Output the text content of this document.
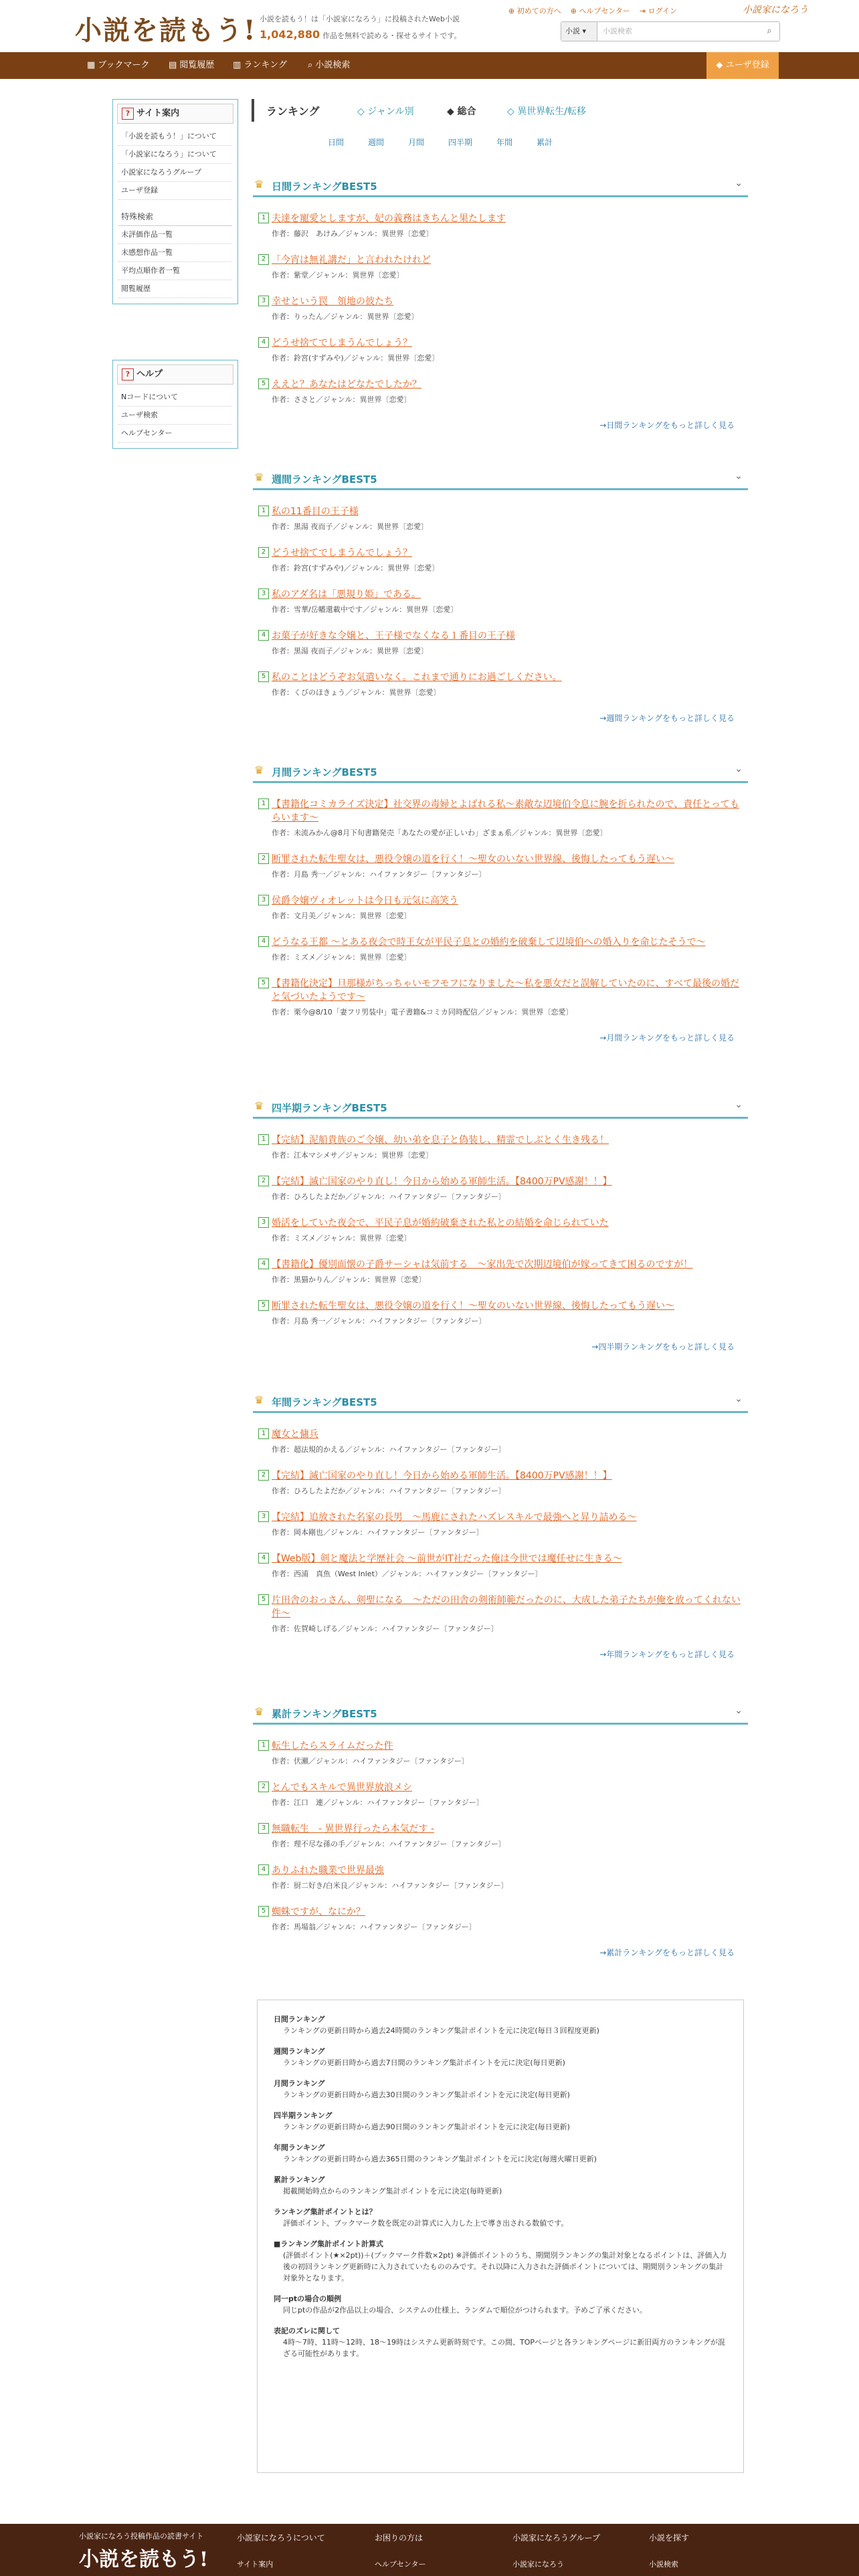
小説を読もう! 小説を読もう！は「小説家になろう」に投稿されたWeb小説
1,042,880 作品を無料で読める・探せるサイトです。
⊕ 初めての方へ ⊕ ヘルプセンター ⇥ ログイン	小説家になろう
小説 ▾	小説検索	⌕
▦ ブックマーク ▤ 閲覧履歴 ▥ ランキング ⌕ 小説検索	◆ ユーザ登録
? サイト案内
「小説を読もう！」について
「小説家になろう」について
小説家になろうグループ
ユーザ登録
特殊検索
未評価作品一覧
未感想作品一覧
平均点順作者一覧
閲覧履歴
? ヘルプ
Nコードについて
ユーザ検索
ヘルプセンター
ランキング	◇ ジャンル別	◆ 総合	◇ 異世界転生/転移
日間	週間	月間	四半期	年間	累計
♛ 日間ランキングBEST5	⌄
1 夫達を寵愛としますが、妃の義務はきちんと果たします
作者：藤沢　あけみ／ジャンル：異世界〔恋愛〕
2 「今宵は無礼講だ」と言われたけれど
作者：紫堂／ジャンル：異世界〔恋愛〕
3 幸せという罠　領地の彼たち
作者：りったん／ジャンル：異世界〔恋愛〕
4 どうせ捨てでしまうんでしょう？
作者：鈴宮(すずみや)／ジャンル：異世界〔恋愛〕
5 ええと？あなたはどなたでしたか？
作者：ささと／ジャンル：異世界〔恋愛〕
→日間ランキングをもっと詳しく見る
♛ 週間ランキングBEST5	⌄
1 私の11番目の王子様
作者：黒湯 夜而子／ジャンル：異世界〔恋愛〕
2 どうせ捨てでしまうんでしょう？
作者：鈴宮(すずみや)／ジャンル：異世界〔恋愛〕
3 私のアダ名は「悪規り姫」である。
作者：雪華/岳幡還載中です／ジャンル：異世界〔恋愛〕
4 お菓子が好きな令嬢と、王子様でなくなる１番目の王子様
作者：黒湯 夜而子／ジャンル：異世界〔恋愛〕
5 私のことはどうぞお気遣いなく。これまで通りにお過ごしください。
作者：くびのほきょう／ジャンル：異世界〔恋愛〕
→週間ランキングをもっと詳しく見る
♛ 月間ランキングBEST5	⌄
1 【書籍化コミカライズ決定】社交界の毒婦とよばれる私〜素敵な辺境伯令息に腕を折られたので、責任とってもらいます〜
作者：未流みかん@8月下旬書籍発売「あなたの愛が正しいわ」ざまぁ系／ジャンル：異世界〔恋愛〕
2 断罪された転生聖女は、悪役令嬢の道を行く！〜聖女のいない世界線、後悔したってもう遅い〜
作者：月島 秀一／ジャンル：ハイファンタジー〔ファンタジー〕
3 侯爵令嬢ヴィオレットは今日も元気に高笑う
作者：文月美／ジャンル：異世界〔恋愛〕
4 どうなる王都 〜とある夜会で時王女が平民子息との婚約を破棄して辺境伯への婚入りを命じたそうで〜
作者：ミズメ／ジャンル：異世界〔恋愛〕
5 【書籍化決定】旦那様がちっちゃいモフモフになりました〜私を悪女だと誤解していたのに、すべて最後の婚だと気づいたようです〜
作者：栗今@8/10「妻フリ男装中」電子書籍&コミカ同時配信／ジャンル：異世界〔恋愛〕
→月間ランキングをもっと詳しく見る
♛ 四半期ランキングBEST5	⌄
1 【完結】泥船貴族のご令嬢、幼い弟を息子と偽装し、精霊でしぶとく生き残る！
作者：江本マシメサ／ジャンル：異世界〔恋愛〕
2 【完結】滅亡国家のやり直し！今日から始める軍師生活。【8400万PV感謝！！】
作者：ひろしたよだか／ジャンル：ハイファンタジー〔ファンタジー〕
3 婚活をしていた夜会で、平民子息が婚約破棄された私との結婚を命じられていた
作者：ミズメ／ジャンル：異世界〔恋愛〕
4 【書籍化】優別面懐の子爵サーシャは気前する　〜家出先で次期辺境伯が嫁ってきて困るのですが！
作者：黒猫かりん／ジャンル：異世界〔恋愛〕
5 断罪された転生聖女は、悪役令嬢の道を行く！〜聖女のいない世界線、後悔したってもう遅い〜
作者：月島 秀一／ジャンル：ハイファンタジー〔ファンタジー〕
→四半期ランキングをもっと詳しく見る
♛ 年間ランキングBEST5	⌄
1 魔女と傭兵
作者：超法規的かえる／ジャンル：ハイファンタジー〔ファンタジー〕
2 【完結】滅亡国家のやり直し！今日から始める軍師生活。【8400万PV感謝！！】
作者：ひろしたよだか／ジャンル：ハイファンタジー〔ファンタジー〕
3 【完結】追放された名家の長男　〜馬鹿にされたハズレスキルで最強へと昇り詰める〜
作者：岡本剛也／ジャンル：ハイファンタジー〔ファンタジー〕
4 【Web版】剣と魔法と学歴社会 〜前世がIT社だった俺は今世では魔任せに生きる〜
作者：西浦　真魚（West Inlet）／ジャンル：ハイファンタジー〔ファンタジー〕
5 片田舎のおっさん、剣聖になる　〜ただの田舎の剣術師範だったのに、大成した弟子たちが俺を放ってくれない件〜
作者：佐賀崎しげる／ジャンル：ハイファンタジー〔ファンタジー〕
→年間ランキングをもっと詳しく見る
♛ 累計ランキングBEST5	⌄
1 転生したらスライムだった件
作者：伏瀬／ジャンル：ハイファンタジー〔ファンタジー〕
2 とんでもスキルで異世界放浪メシ
作者：江口　連／ジャンル：ハイファンタジー〔ファンタジー〕
3 無職転生　- 異世界行ったら本気だす -
作者：理不尽な孫の手／ジャンル：ハイファンタジー〔ファンタジー〕
4 ありふれた職業で世界最強
作者：厨二好き/白米良／ジャンル：ハイファンタジー〔ファンタジー〕
5 蜘蛛ですが、なにか？
作者：馬場翁／ジャンル：ハイファンタジー〔ファンタジー〕
→累計ランキングをもっと詳しく見る
日間ランキング
ランキングの更新日時から過去24時間のランキング集計ポイントを元に決定(毎日３回程度更新)
週間ランキング
ランキングの更新日時から過去7日間のランキング集計ポイントを元に決定(毎日更新)
月間ランキング
ランキングの更新日時から過去30日間のランキング集計ポイントを元に決定(毎日更新)
四半期ランキング
ランキングの更新日時から過去90日間のランキング集計ポイントを元に決定(毎日更新)
年間ランキング
ランキングの更新日時から過去365日間のランキング集計ポイントを元に決定(毎週火曜日更新)
累計ランキング
掲載開始時点からのランキング集計ポイントを元に決定(毎時更新)
ランキング集計ポイントとは？
評価ポイント、ブックマーク数を既定の計算式に入力した上で導き出される数値です。
■ランキング集計ポイント計算式
(評価ポイント(★×2pt))＋(ブックマーク件数×2pt) ※評価ポイントのうち、期間別ランキングの集計対象となるポイントは、評価入力後の初回ランキング更新時に入力されていたもののみです。それ以降に入力された評価ポイントについては、期間別ランキングの集計対象外となります。
同一ptの場合の順例
同じptの作品が2作品以上の場合、システムの仕様上、ランダムで順位がつけられます。予めご了承ください。
表記のズレに関して
4時〜7時、11時〜12時、18〜19時はシステム更新時刻です。この間、TOPページと各ランキングページに新旧両方のランキングが混ざる可能性があります。
小説家になろう投稿作品の読書サイト
小説を読もう!
小説家になろうについて	お困りの方は	小説家になろうグループ	小説を探す
サイト案内	ヘルプセンター	小説家になろう	小説検索
